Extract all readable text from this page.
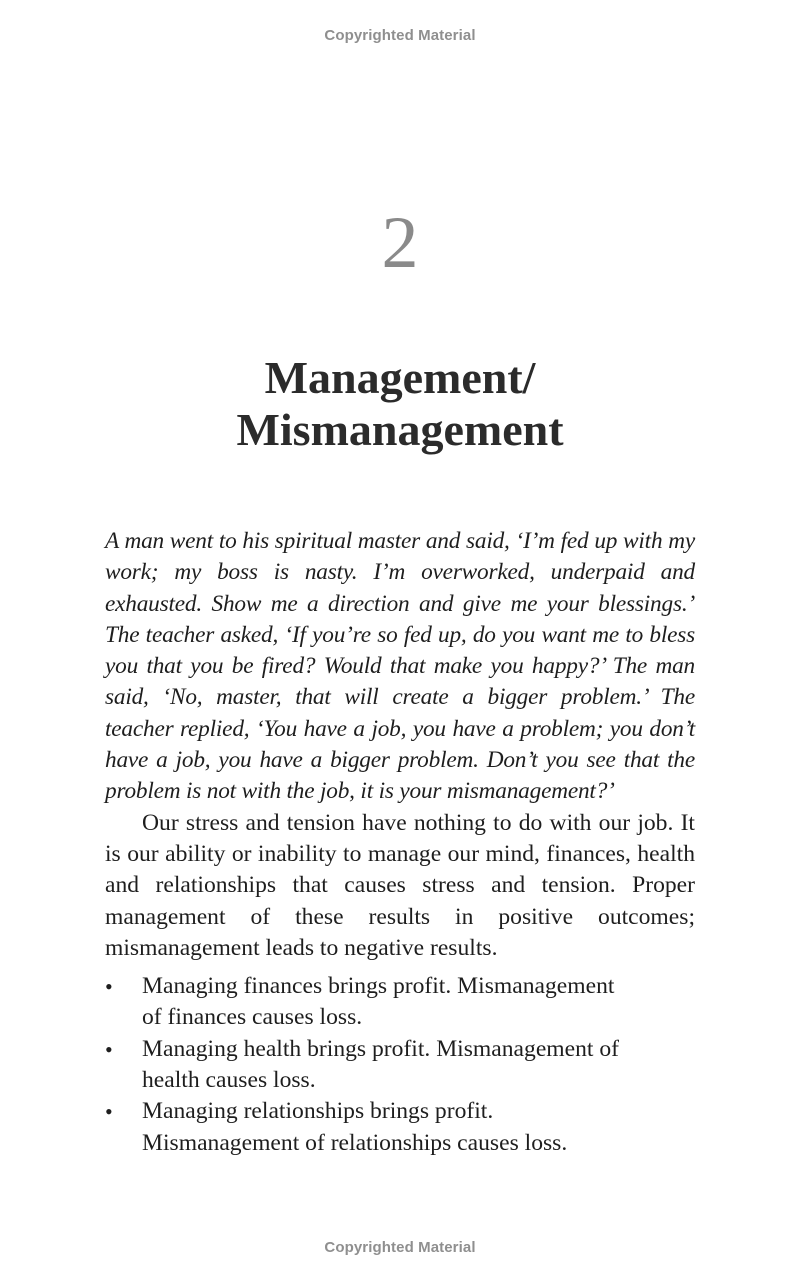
Copyrighted Material
2
Management/
Mismanagement

A man went to his spiritual master and said, ‘I’m fed up with my work; my boss is nasty. I’m overworked, underpaid and exhausted. Show me a direction and give me your blessings.’ The teacher asked, ‘If you’re so fed up, do you want me to bless you that you be fired? Would that make you happy?’ The man said, ‘No, master, that will create a bigger problem.’ The teacher replied, ‘You have a job, you have a problem; you don’t have a job, you have a bigger problem. Don’t you see that the problem is not with the job, it is your mismanagement?’

Our stress and tension have nothing to do with our job. It is our ability or inability to manage our mind, finances, health and relationships that causes stress and tension. Proper management of these results in positive outcomes; mismanagement leads to negative results.

• Managing finances brings profit. Mismanagement
of finances causes loss.
• Managing health brings profit. Mismanagement of
health causes loss.
• Managing relationships brings profit.
Mismanagement of relationships causes loss.
Copyrighted Material
